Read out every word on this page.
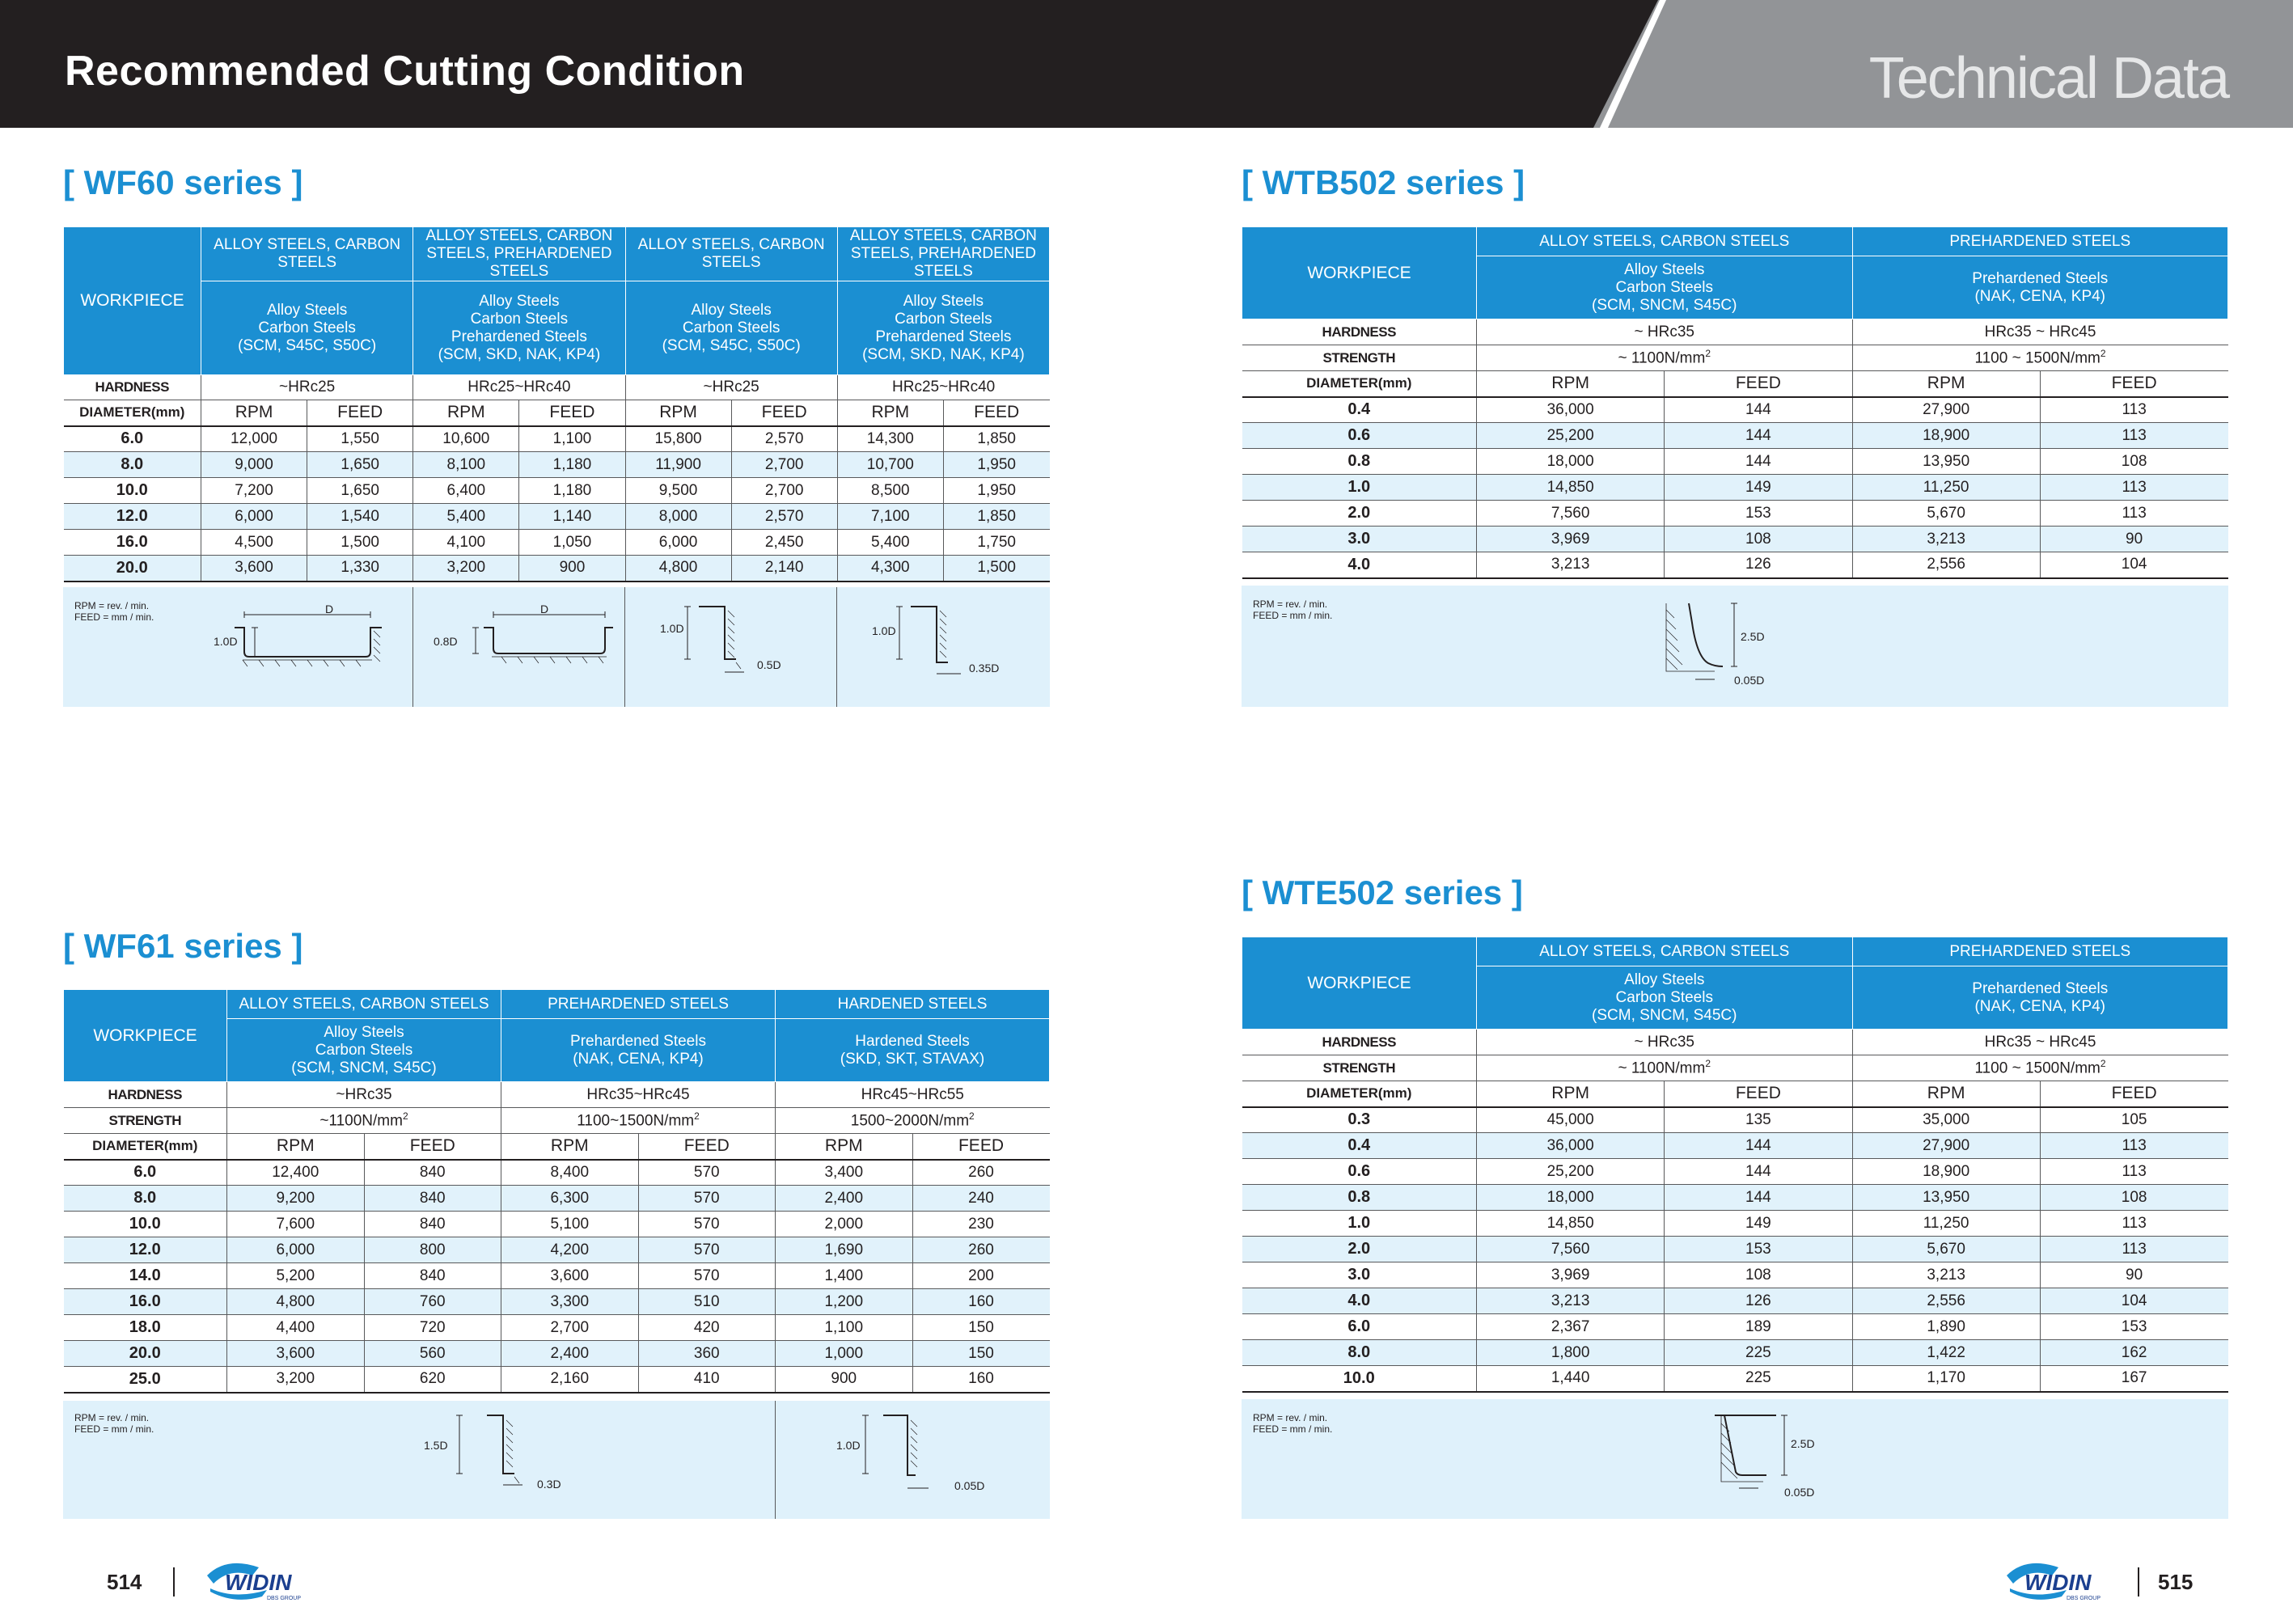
Recommended Cutting Condition	Technical Data
[ WF60 series ]
WORKPIECE	ALLOY STEELS, CARBON STEELS		ALLOY STEELS, CARBON STEELS, PREHARDENED STEELS		ALLOY STEELS, CARBON STEELS		ALLOY STEELS, CARBON STEELS, PREHARDENED STEELS	
	Alloy Steels
Carbon Steels
(SCM, S45C, S50C)		Alloy Steels
Carbon Steels
Prehardened Steels
(SCM, SKD, NAK, KP4)		Alloy Steels
Carbon Steels
(SCM, S45C, S50C)		Alloy Steels
Carbon Steels
Prehardened Steels
(SCM, SKD, NAK, KP4)	
HARDNESS	~HRc25		HRc25~HRc40		~HRc25		HRc25~HRc40	
DIAMETER(mm)	RPM	FEED	RPM	FEED	RPM	FEED	RPM	FEED
6.0	12,000	1,550	10,600	1,100	15,800	2,570	14,300	1,850
8.0	9,000	1,650	8,100	1,180	11,900	2,700	10,700	1,950
10.0	7,200	1,650	6,400	1,180	9,500	2,700	8,500	1,950
12.0	6,000	1,540	5,400	1,140	8,000	2,570	7,100	1,850
16.0	4,500	1,500	4,100	1,050	6,000	2,450	5,400	1,750
20.0	3,600	1,330	3,200	900	4,800	2,140	4,300	1,500
RPM = rev. / min.
FEED = mm / min.
D
1.0D
D
0.8D
1.0D
0.5D
1.0D
0.35D
[ WF61 series ]
WORKPIECE	ALLOY STEELS, CARBON STEELS		PREHARDENED STEELS		HARDENED STEELS	
	Alloy Steels
Carbon Steels
(SCM, SNCM, S45C)		Prehardened Steels
(NAK, CENA, KP4)		Hardened Steels
(SKD, SKT, STAVAX)	
HARDNESS	~HRc35		HRc35~HRc45		HRc45~HRc55	
STRENGTH	$\sim 1100N/mm^2$		$1100\sim 1500N/mm^2$		$1500\sim 2000N/mm^2$
DIAMETER(mm)	RPM	FEED	RPM	FEED	RPM	FEED
6.0	12,400	840	8,400	570	3,400	260
8.0	9,200	840	6,300	570	2,400	240
10.0	7,600	840	5,100	570	2,000	230
12.0	6,000	800	4,200	570	1,690	260
14.0	5,200	840	3,600	570	1,400	200
16.0	4,800	760	3,300	510	1,200	160
18.0	4,400	720	2,700	420	1,100	150
20.0	3,600	560	2,400	360	1,000	150
25.0	3,200	620	2,160	410	900	160
RPM = rev. / min.
FEED = mm / min.
1.5D
0.3D
1.0D
0.05D
[ WTB502 series ]
WORKPIECE	ALLOY STEELS, CARBON STEELS		PREHARDENED STEELS	
	Alloy Steels
Carbon Steels
(SCM, SNCM, S45C)		Prehardened Steels
(NAK, CENA, KP4)	
HARDNESS	~ HRc35		HRc35 ~ HRc45	
STRENGTH	~ $1100N/mm^2$		1100 ~ $1500N/mm^2$
DIAMETER(mm)	RPM	FEED	RPM	FEED
0.4	36,000	144	27,900	113
0.6	25,200	144	18,900	113
0.8	18,000	144	13,950	108
1.0	14,850	149	11,250	113
2.0	7,560	153	5,670	113
3.0	3,969	108	3,213	90
4.0	3,213	126	2,556	104
RPM = rev. / min.
FEED = mm / min.
2.5D
0.05D
[ WTE502 series ]
WORKPIECE	ALLOY STEELS, CARBON STEELS		PREHARDENED STEELS	
	Alloy Steels
Carbon Steels
(SCM, SNCM, S45C)		Prehardened Steels
(NAK, CENA, KP4)	
HARDNESS	~ HRc35		HRc35 ~ HRc45	
STRENGTH	~ $1100N/mm^2$		1100 ~ $1500N/mm^2$
DIAMETER(mm)	RPM	FEED	RPM	FEED
0.3	45,000	135	35,000	105
0.4	36,000	144	27,900	113
0.6	25,200	144	18,900	113
0.8	18,000	144	13,950	108
1.0	14,850	149	11,250	113
2.0	7,560	153	5,670	113
3.0	3,969	108	3,213	90
4.0	3,213	126	2,556	104
6.0	2,367	189	1,890	153
8.0	1,800	225	1,422	162
10.0	1,440	225	1,170	167
RPM = rev. / min.
FEED = mm / min.
2.5D
0.05D
514	WIDIN
DBS GROUP
WIDIN
DBS GROUP
515
